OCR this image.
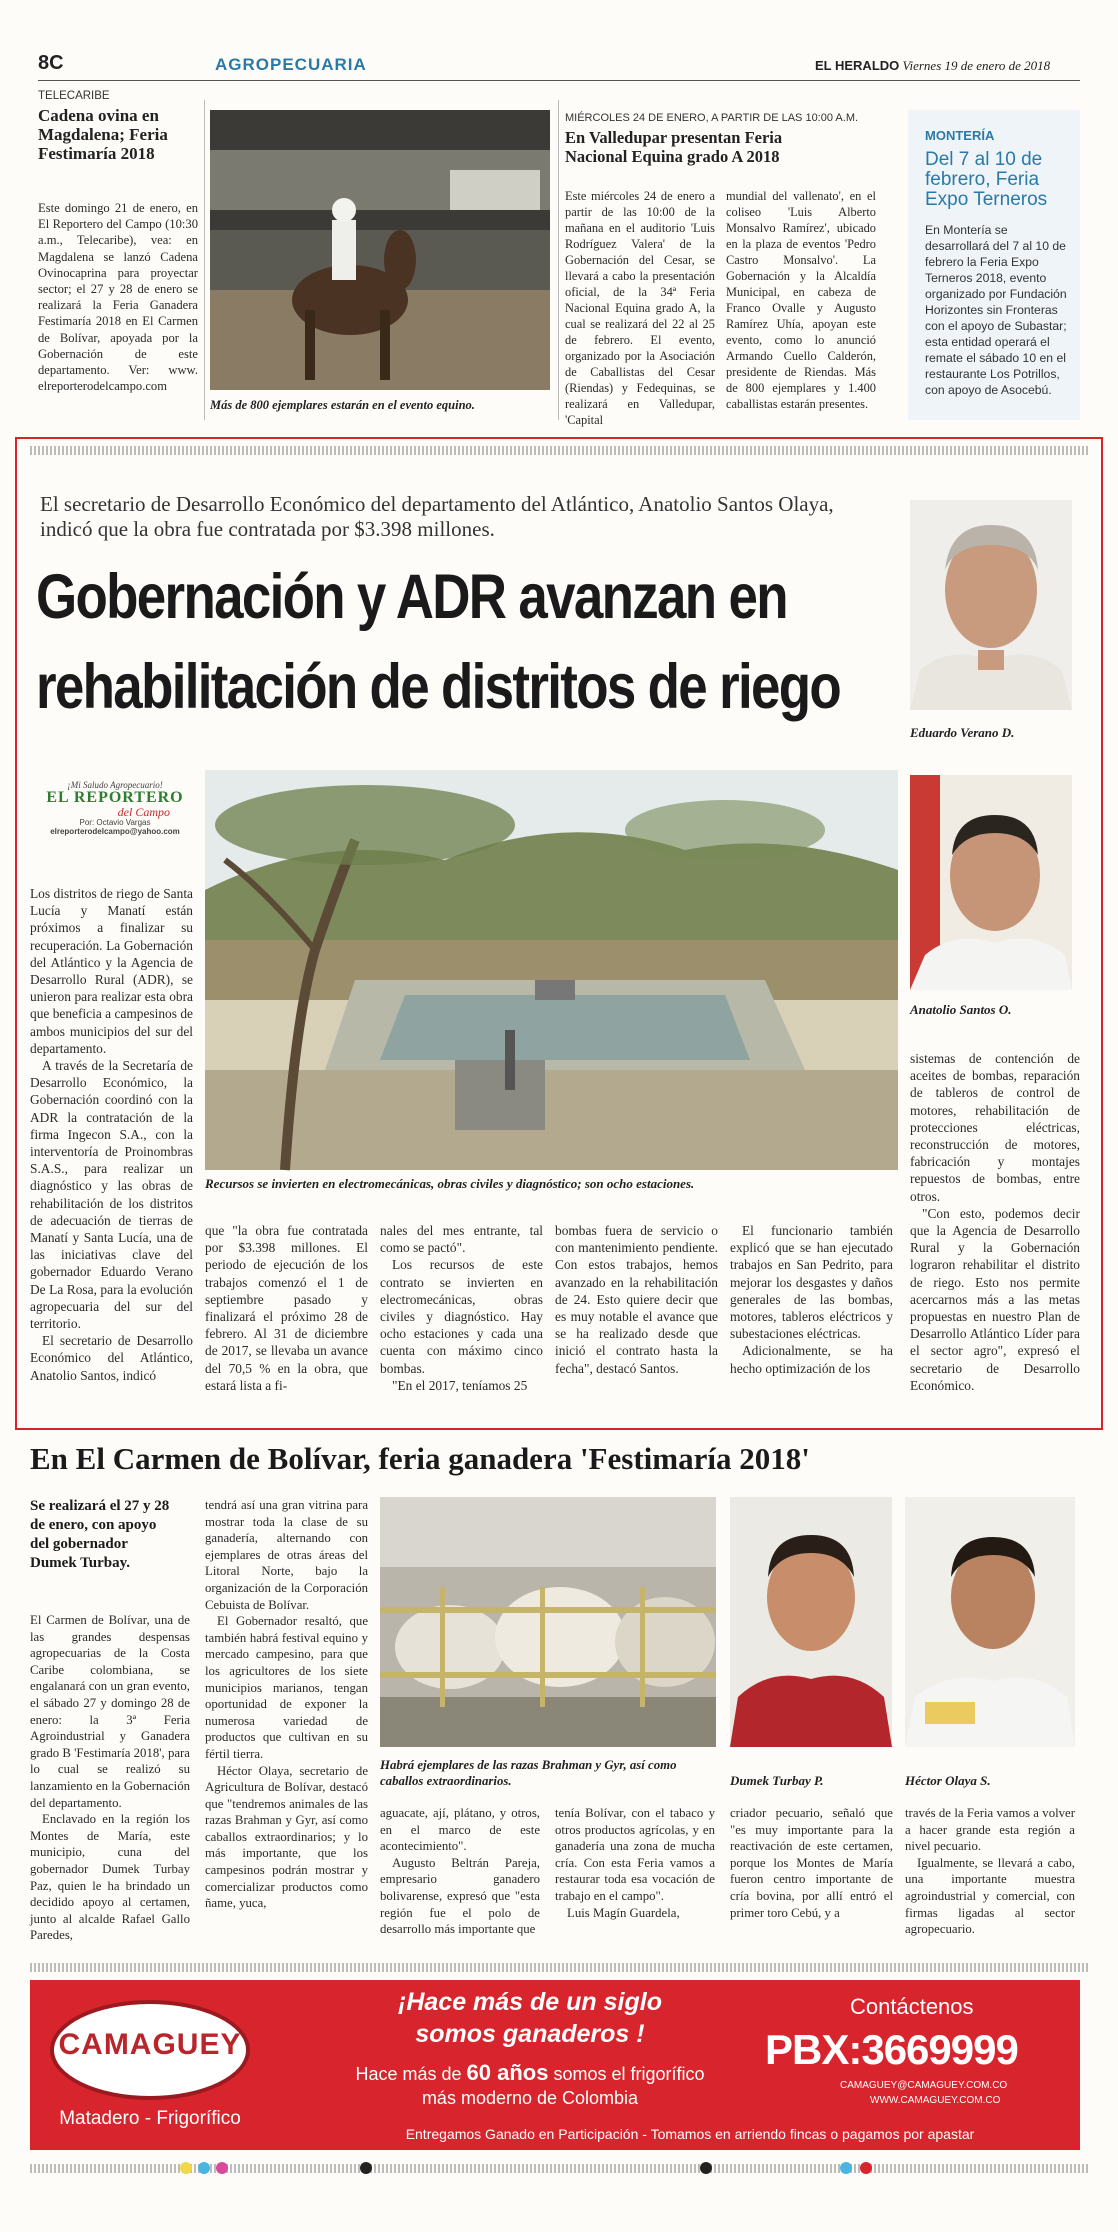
8C	AGROPECUARIA	EL HERALDO Viernes 19 de enero de 2018
TELECARIBE
Cadena ovina en Magdalena; Feria Festimaría 2018
Este domingo 21 de enero, en El Reportero del Campo (10:30 a.m., Telecaribe), vea: en Magdalena se lanzó Cadena Ovinocaprina para proyectar sector; el 27 y 28 de enero se realizará la Feria Ganadera Festimaría 2018 en El Carmen de Bolívar, apoyada por la Gobernación de este departamento. Ver: www. elreporterodelcampo.com
Más de 800 ejemplares estarán en el evento equino.
MIÉRCOLES 24 DE ENERO, A PARTIR DE LAS 10:00 A.M.
En Valledupar presentan Feria Nacional Equina grado A 2018
Este miércoles 24 de enero a partir de las 10:00 de la mañana en el auditorio 'Luis Rodríguez Valera' de la Gobernación del Cesar, se llevará a cabo la presentación oficial, de la 34ª Feria Nacional Equina grado A, la cual se realizará del 22 al 25 de febrero. El evento, organizado por la Asociación de Caballistas del Cesar (Riendas) y Fedequinas, se realizará en Valledupar, 'Capital
mundial del vallenato', en el coliseo 'Luis Alberto Monsalvo Ramírez', ubicado en la plaza de eventos 'Pedro Castro Monsalvo'. La Gobernación y la Alcaldía Municipal, en cabeza de Franco Ovalle y Augusto Ramírez Uhía, apoyan este evento, como lo anunció Armando Cuello Calderón, presidente de Riendas. Más de 800 ejemplares y 1.400 caballistas estarán presentes.
MONTERÍA
Del 7 al 10 de febrero, Feria Expo Terneros
En Montería se desarrollará del 7 al 10 de febrero la Feria Expo Terneros 2018, evento organizado por Fundación Horizontes sin Fronteras con el apoyo de Subastar; esta entidad operará el remate el sábado 10 en el restaurante Los Potrillos, con apoyo de Asocebú.
El secretario de Desarrollo Económico del departamento del Atlántico, Anatolio Santos Olaya, indicó que la obra fue contratada por $3.398 millones.
Gobernación y ADR avanzan en
rehabilitación de distritos de riego
Eduardo Verano D.
¡Mi Saludo Agropecuario!
EL REPORTERO
del Campo
Por: Octavio Vargas
elreporterodelcampo@yahoo.com
Recursos se invierten en electromecánicas, obras civiles y diagnóstico; son ocho estaciones.
Anatolio Santos O.

Los distritos de riego de Santa Lucía y Manatí están próximos a finalizar su recuperación. La Gobernación del Atlántico y la Agencia de Desarrollo Rural (ADR), se unieron para realizar esta obra que beneficia a campesinos de ambos municipios del sur del departamento.

A través de la Secretaría de Desarrollo Económico, la Gobernación coordinó con la ADR la contratación de la firma Ingecon S.A., con la interventoría de Proinombras S.A.S., para realizar un diagnóstico y las obras de rehabilitación de los distritos de adecuación de tierras de Manatí y Santa Lucía, una de las iniciativas clave del gobernador Eduardo Verano De La Rosa, para la evolución agropecuaria del sur del territorio.

El secretario de Desarrollo Económico del Atlántico, Anatolio Santos, indicó

que "la obra fue contratada por $3.398 millones. El periodo de ejecución de los trabajos comenzó el 1 de septiembre pasado y finalizará el próximo 28 de febrero. Al 31 de diciembre de 2017, se llevaba un avance del 70,5 % en la obra, que estará lista a fi-

nales del mes entrante, tal como se pactó".

Los recursos de este contrato se invierten en electromecánicas, obras civiles y diagnóstico. Hay ocho estaciones y cada una cuenta con máximo cinco bombas.

"En el 2017, teníamos 25

bombas fuera de servicio o con mantenimiento pendiente. Con estos trabajos, hemos avanzado en la rehabilitación de 24. Esto quiere decir que es muy notable el avance que se ha realizado desde que inició el contrato hasta la fecha", destacó Santos.

El funcionario también explicó que se han ejecutado trabajos en San Pedrito, para mejorar los desgastes y daños generales de las bombas, motores, tableros eléctricos y subestaciones eléctricas.

Adicionalmente, se ha hecho optimización de los

sistemas de contención de aceites de bombas, reparación de tableros de control de motores, rehabilitación de protecciones eléctricas, reconstrucción de motores, fabricación y montajes repuestos de bombas, entre otros.

"Con esto, podemos decir que la Agencia de Desarrollo Rural y la Gobernación lograron rehabilitar el distrito de riego. Esto nos permite acercarnos más a las metas propuestas en nuestro Plan de Desarrollo Atlántico Líder para el sector agro", expresó el secretario de Desarrollo Económico.

En El Carmen de Bolívar, feria ganadera 'Festimaría 2018'
Se realizará el 27 y 28 de enero, con apoyo del gobernador Dumek Turbay.

El Carmen de Bolívar, una de las grandes despensas agropecuarias de la Costa Caribe colombiana, se engalanará con un gran evento, el sábado 27 y domingo 28 de enero: la 3ª Feria Agroindustrial y Ganadera grado B 'Festimaría 2018', para lo cual se realizó su lanzamiento en la Gobernación del departamento.

Enclavado en la región los Montes de María, este municipio, cuna del gobernador Dumek Turbay Paz, quien le ha brindado un decidido apoyo al certamen, junto al alcalde Rafael Gallo Paredes,

tendrá así una gran vitrina para mostrar toda la clase de su ganadería, alternando con ejemplares de otras áreas del Litoral Norte, bajo la organización de la Corporación Cebuista de Bolívar.

El Gobernador resaltó, que también habrá festival equino y mercado campesino, para que los agricultores de los siete municipios marianos, tengan oportunidad de exponer la numerosa variedad de productos que cultivan en su fértil tierra.

Héctor Olaya, secretario de Agricultura de Bolívar, destacó que "tendremos animales de las razas Brahman y Gyr, así como caballos extraordinarios; y lo más importante, que los campesinos podrán mostrar y comercializar productos como ñame, yuca,

Habrá ejemplares de las razas Brahman y Gyr, así como caballos extraordinarios.	Dumek Turbay P.	Héctor Olaya S.

aguacate, ají, plátano, y otros, en el marco de este acontecimiento".

Augusto Beltrán Pareja, empresario ganadero bolivarense, expresó que "esta región fue el polo de desarrollo más importante que

tenía Bolívar, con el tabaco y otros productos agrícolas, y en ganadería una zona de mucha cría. Con esta Feria vamos a restaurar toda esa vocación de trabajo en el campo".

Luis Magín Guardela,

criador pecuario, señaló que "es muy importante para la reactivación de este certamen, porque los Montes de María fueron centro importante de cría bovina, por allí entró el primer toro Cebú, y a

través de la Feria vamos a volver a hacer grande esta región a nivel pecuario.

Igualmente, se llevará a cabo, una importante muestra agroindustrial y comercial, con firmas ligadas al sector agropecuario.

CAMAGUEY
Matadero - Frigorífico
¡Hace más de un siglo
somos ganaderos !
Hace más de 60 años somos el frigorífico
más moderno de Colombia
Contáctenos
PBX:3669999
CAMAGUEY@CAMAGUEY.COM.CO
WWW.CAMAGUEY.COM.CO
Entregamos Ganado en Participación - Tomamos en arriendo fincas o pagamos por apastar
